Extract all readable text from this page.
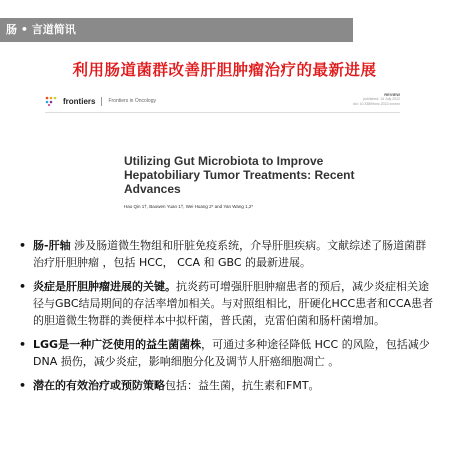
肠 • 言道简讯
利用肠道菌群改善肝胆肿瘤治疗的最新进展
frontiers	Frontiers in Oncology
REVIEW
published: 14 July 2022
doi: 10.3389/fonc.2022.xxxxxx
Utilizing Gut Microbiota to Improve Hepatobiliary Tumor Treatments: Recent Advances
Hao Qin 1†, Baowen Yuan 1†, Wei Huang 2* and Yan Wang 1,2*
• 肠-肝轴 涉及肠道微生物组和肝脏免疫系统，介导肝胆疾病。文献综述了肠道菌群治疗肝胆肿瘤 ，包括 HCC， CCA 和 GBC 的最新进展。
• 炎症是肝胆肿瘤进展的关键。抗炎药可增强肝胆肿瘤患者的预后，减少炎症相关途径与GBC结局期间的存活率增加相关。与对照组相比，肝硬化HCC患者和CCA患者的胆道微生物群的粪便样本中拟杆菌，普氏菌，克雷伯菌和肠杆菌增加。
• LGG是一种广泛使用的益生菌菌株，可通过多种途径降低 HCC 的风险，包括减少 DNA 损伤，减少炎症，影响细胞分化及调节人肝癌细胞凋亡 。
• 潜在的有效治疗或预防策略包括：益生菌，抗生素和FMT。
